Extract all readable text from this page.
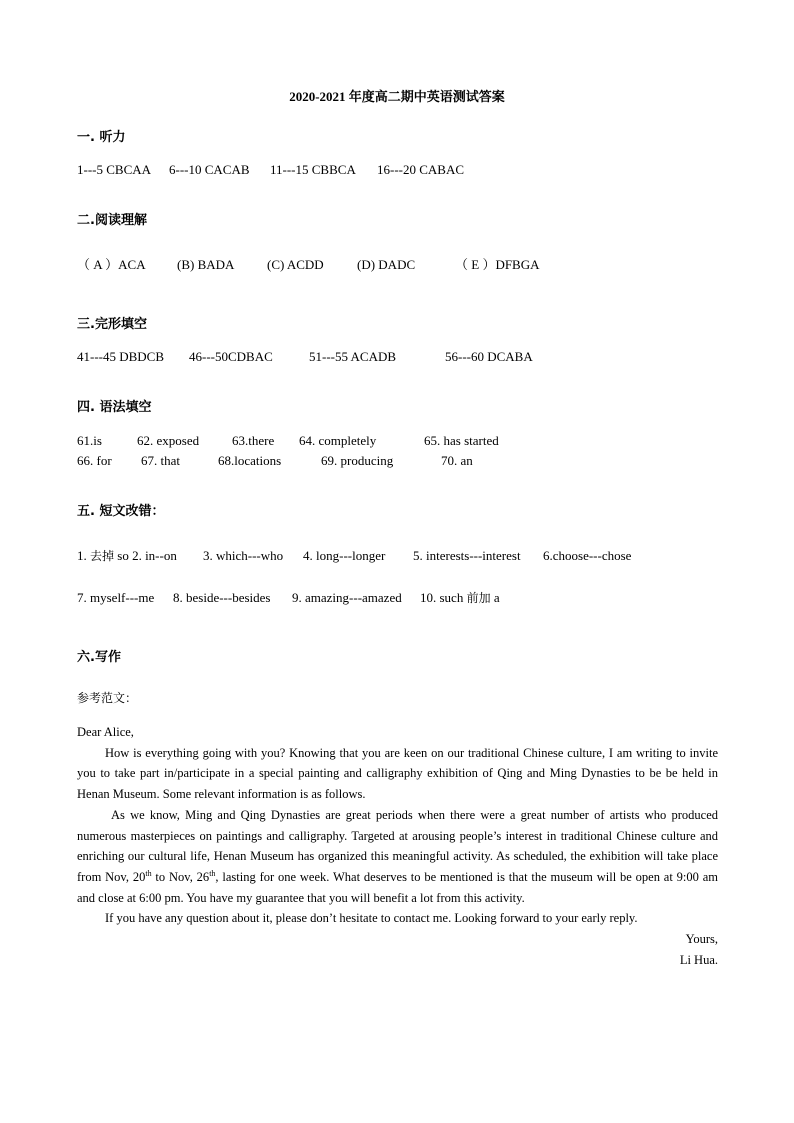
2020-2021 年度高二期中英语测试答案
一. 听力
1---5 CBCAA 6---10 CACAB 11---15 CBBCA 16---20 CABAC
二.阅读理解
（ A ）ACA (B) BADA	(C) ACDD	(D) DADC	（ E ）DFBGA
三.完形填空
41---45 DBDCB 46---50CDBAC	51---55 ACADB	56---60 DCABA
四. 语法填空
61.is	62. exposed	63.there 64. completely	65. has started
66. for 67. that	68.locations	69. producing	70. an
五. 短文改错：
1. 去掉 so 2. in--on 3. which---who 4. long---longer 5. interests---interest 6.choose---chose
7. myself---me 8. beside---besides 9. amazing---amazed 10. such 前加 a
六.写作
参考范文：

Dear Alice,

How is everything going with you? Knowing that you are keen on our traditional Chinese culture, I am writing to invite you to take part in/participate in a special painting and calligraphy exhibition of Qing and Ming Dynasties to be be held in Henan Museum. Some relevant information is as follows.

As we know, Ming and Qing Dynasties are great periods when there were a great number of artists who produced numerous masterpieces on paintings and calligraphy. Targeted at arousing people’s interest in traditional Chinese culture and enriching our cultural life, Henan Museum has organized this meaningful activity. As scheduled, the exhibition will take place from Nov, 20th to Nov, 26th, lasting for one week. What deserves to be mentioned is that the museum will be open at 9:00 am and close at 6:00 pm. You have my guarantee that you will benefit a lot from this activity.

If you have any question about it, please don’t hesitate to contact me. Looking forward to your early reply.

Yours,

Li Hua.
